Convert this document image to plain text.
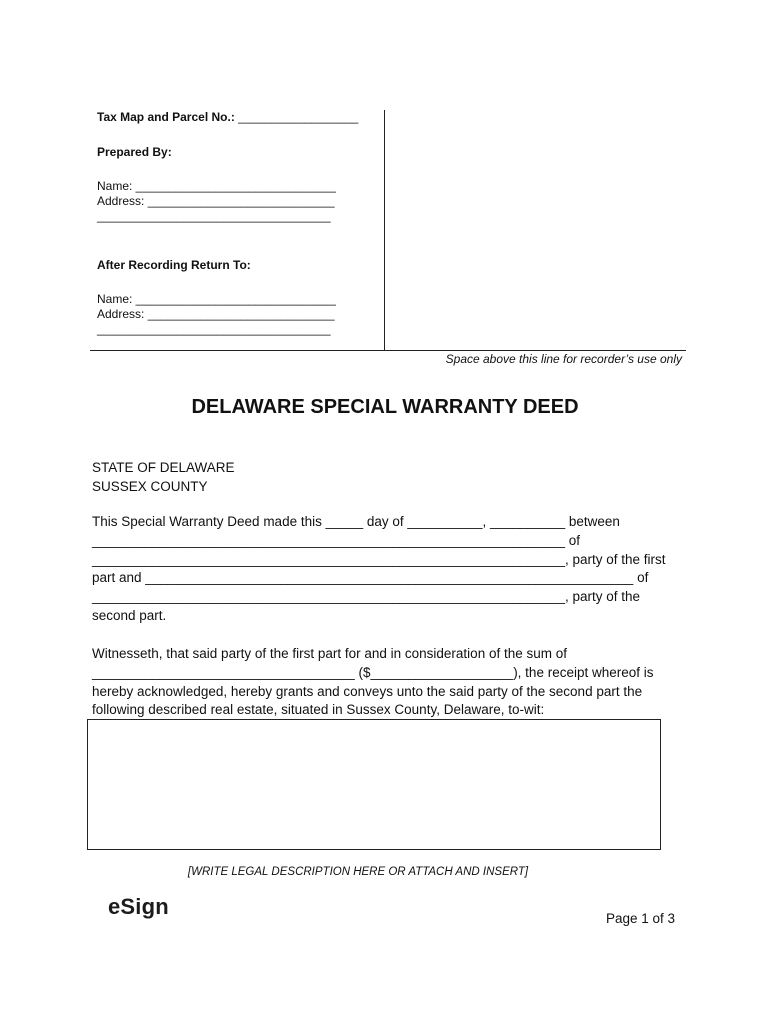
Tax Map and Parcel No.: __________________
Prepared By:
Name: ______________________________
Address: ____________________________
___________________________________
After Recording Return To:
Name: ______________________________
Address: ____________________________
___________________________________
Space above this line for recorder’s use only
DELAWARE SPECIAL WARRANTY DEED
STATE OF DELAWARE
SUSSEX COUNTY
This Special Warranty Deed made this _____ day of __________, __________ between
_______________________________________________________________ of
_______________________________________________________________, party of the first
part and _________________________________________________________________ of
_______________________________________________________________, party of the
second part.
Witnesseth, that said party of the first part for and in consideration of the sum of
___________________________________ ($___________________), the receipt whereof is
hereby acknowledged, hereby grants and conveys unto the said party of the second part the
following described real estate, situated in Sussex County, Delaware, to-wit:
[WRITE LEGAL DESCRIPTION HERE OR ATTACH AND INSERT]
eSign	Page 1 of 3
